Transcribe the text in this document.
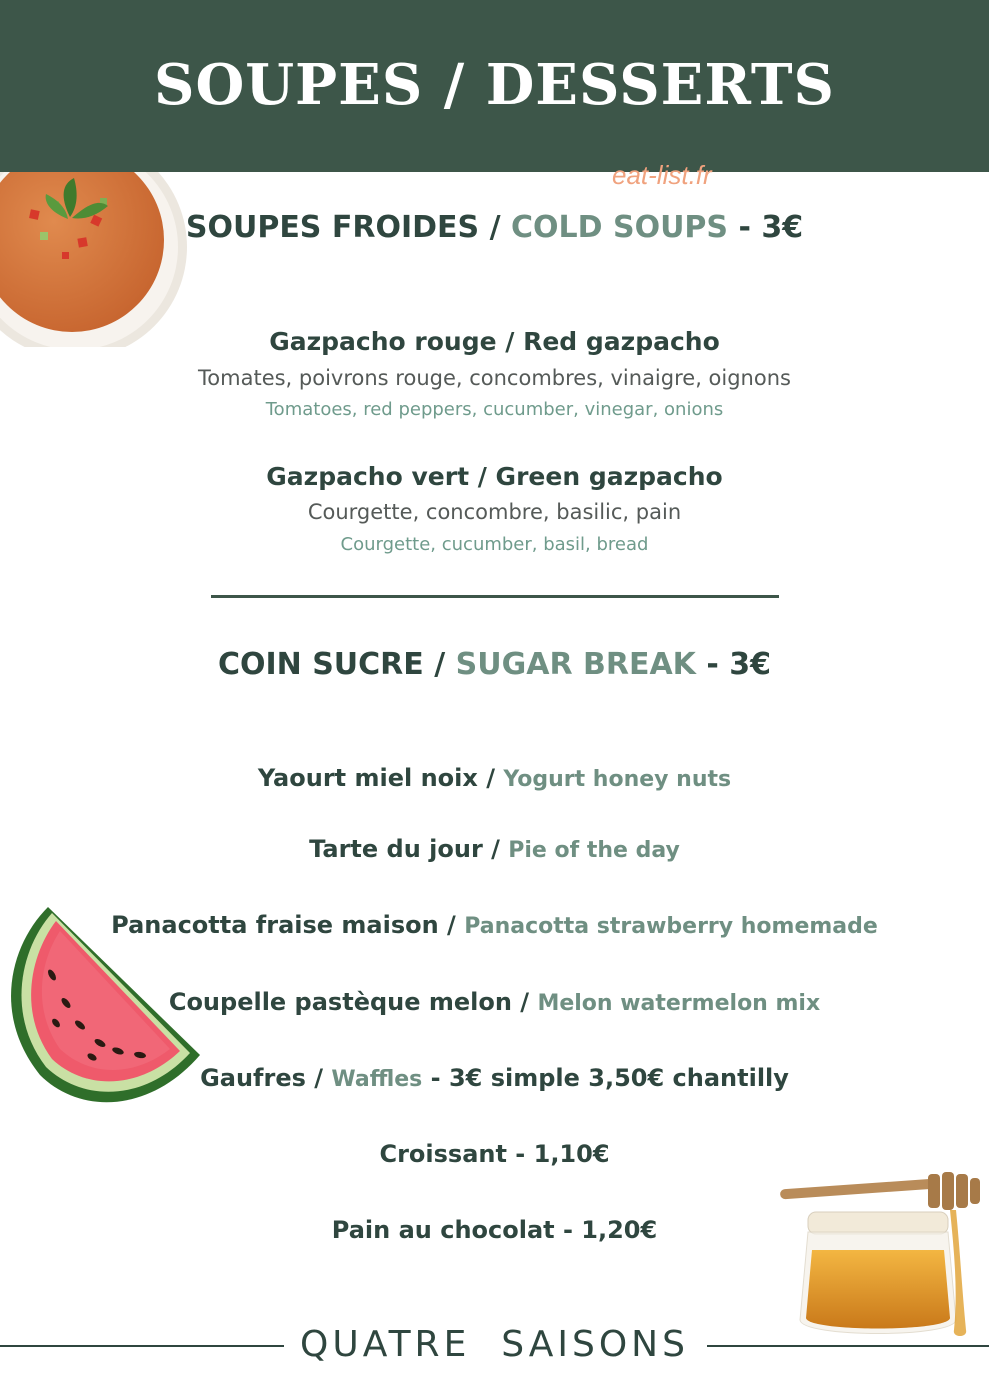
SOUPES / DESSERTS
eat-list.fr
SOUPES FROIDES / COLD SOUPS - 3€
Gazpacho rouge / Red gazpacho
Tomates, poivrons rouge, concombres, vinaigre, oignons
Tomatoes, red peppers, cucumber, vinegar, onions
Gazpacho vert / Green gazpacho
Courgette, concombre, basilic, pain
Courgette, cucumber, basil, bread
COIN SUCRE / SUGAR BREAK - 3€
Yaourt miel noix / Yogurt honey nuts
Tarte du jour / Pie of the day
Panacotta fraise maison / Panacotta strawberry homemade
Coupelle pastèque melon / Melon watermelon mix
Gaufres / Waffles - 3€ simple 3,50€ chantilly
Croissant - 1,10€
Pain au chocolat - 1,20€
QUATRE  SAISONS
